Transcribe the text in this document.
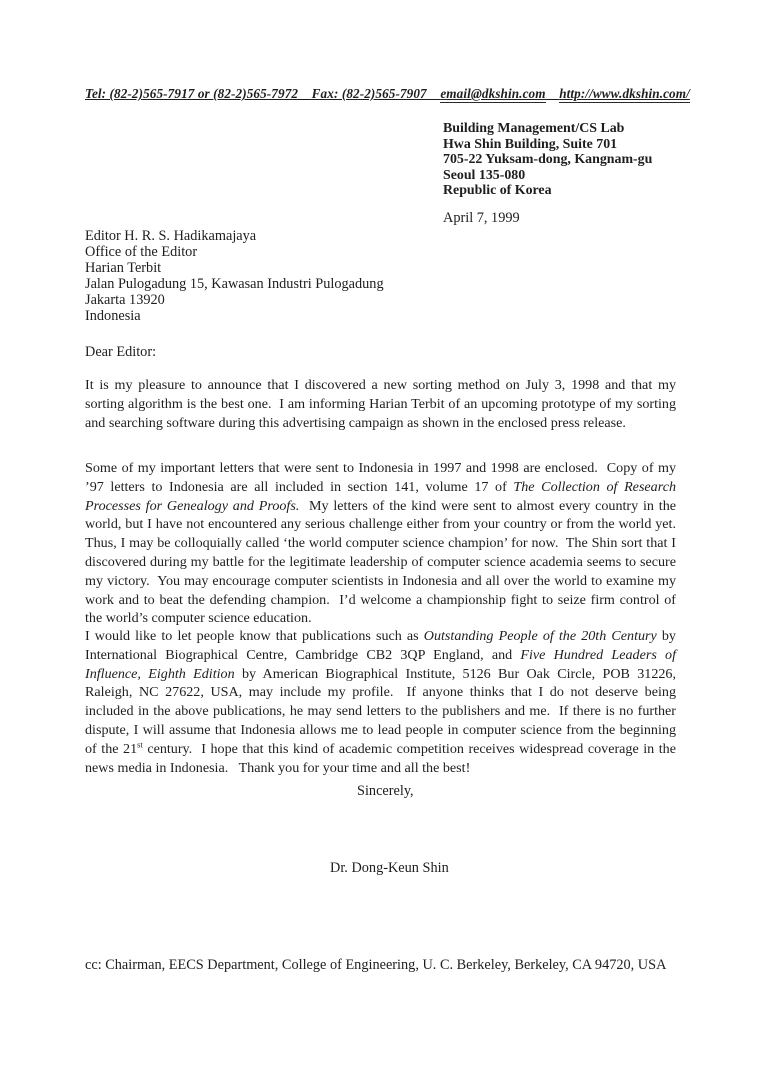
Tel: (82-2)565-7917 or (82-2)565-7972    Fax: (82-2)565-7907    email@dkshin.com http://www.dkshin.com/
Building Management/CS Lab
Hwa Shin Building, Suite 701
705-22 Yuksam-dong, Kangnam-gu
Seoul 135-080
Republic of Korea
April 7, 1999
Editor H. R. S. Hadikamajaya
Office of the Editor
Harian Terbit
Jalan Pulogadung 15, Kawasan Industri Pulogadung
Jakarta 13920
Indonesia
Dear Editor:
It is my pleasure to announce that I discovered a new sorting method on July 3, 1998 and that my sorting algorithm is the best one.  I am informing Harian Terbit of an upcoming prototype of my sorting and searching software during this advertising campaign as shown in the enclosed press release.
Some of my important letters that were sent to Indonesia in 1997 and 1998 are enclosed.  Copy of my ’97 letters to Indonesia are all included in section 141, volume 17 of The Collection of Research Processes for Genealogy and Proofs.  My letters of the kind were sent to almost every country in the world, but I have not encountered any serious challenge either from your country or from the world yet.  Thus, I may be colloquially called ‘the world computer science champion’ for now.  The Shin sort that I discovered during my battle for the legitimate leadership of computer science academia seems to secure my victory.  You may encourage computer scientists in Indonesia and all over the world to examine my work and to beat the defending champion.  I’d welcome a championship fight to seize firm control of the world’s computer science education.
I would like to let people know that publications such as Outstanding People of the 20th Century by International Biographical Centre, Cambridge CB2 3QP England, and Five Hundred Leaders of Influence, Eighth Edition by American Biographical Institute, 5126 Bur Oak Circle, POB 31226, Raleigh, NC 27622, USA, may include my profile.  If anyone thinks that I do not deserve being included in the above publications, he may send letters to the publishers and me.  If there is no further dispute, I will assume that Indonesia allows me to lead people in computer science from the beginning of the 21st century.  I hope that this kind of academic competition receives widespread coverage in the news media in Indonesia.   Thank you for your time and all the best!
Sincerely,
Dr. Dong-Keun Shin
cc: Chairman, EECS Department, College of Engineering, U. C. Berkeley, Berkeley, CA 94720, USA
